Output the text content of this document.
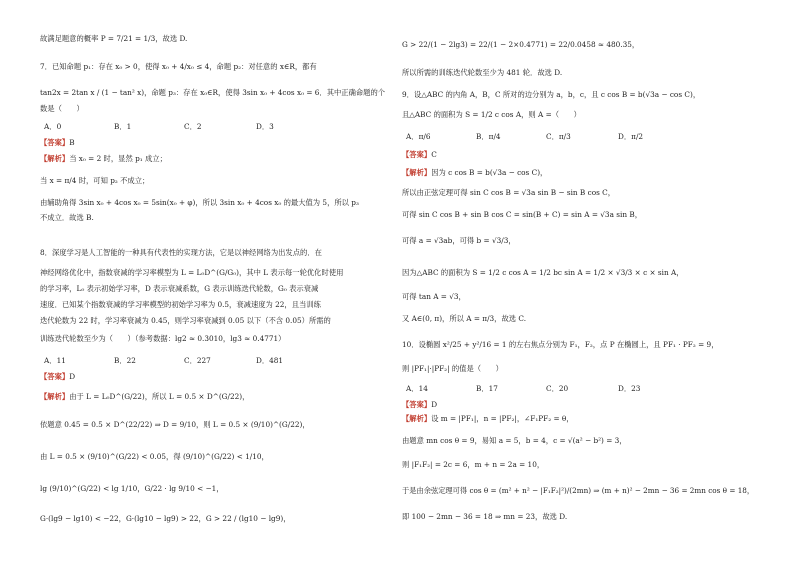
故满足题意的概率 P = 7/21 = 1/3，故选 D.
7．已知命题 p₁：存在 x₀ > 0，使得 x₀ + 4/x₀ ≤ 4，命题 p₂：对任意的 x∈R，都有
tan2x = 2tan x / (1 − tan² x)，命题 p₃：存在 x₀∈R，使得 3sin x₀ + 4cos x₀ = 6．其中正确命题的个
数是（　　）
A．0	B．1	C．2	D．3
【答案】B
【解析】当 x₀ = 2 时，显然 p₁ 成立；
当 x = π/4 时，可知 p₂ 不成立；
由辅助角得 3sin x₀ + 4cos x₀ = 5sin(x₀ + φ)，所以 3sin x₀ + 4cos x₀ 的最大值为 5，所以 p₃
不成立．故选 B.
8．深度学习是人工智能的一种具有代表性的实现方法，它是以神经网络为出发点的．在
神经网络优化中，指数衰减的学习率模型为 L = L₀D^(G/G₀)，其中 L 表示每一轮优化时使用
的学习率，L₀ 表示初始学习率，D 表示衰减系数，G 表示训练迭代轮数，G₀ 表示衰减
速度．已知某个指数衰减的学习率模型的初始学习率为 0.5，衰减速度为 22，且当训练
迭代轮数为 22 时，学习率衰减为 0.45，则学习率衰减到 0.05 以下（不含 0.05）所需的
训练迭代轮数至少为（　　）（参考数据：lg2 ≈ 0.3010，lg3 ≈ 0.4771）
A．11	B．22	C．227	D．481
【答案】D
【解析】由于 L = L₀D^(G/22)，所以 L = 0.5 × D^(G/22)，
依题意 0.45 = 0.5 × D^(22/22) ⇒ D = 9/10，则 L = 0.5 × (9/10)^(G/22)，
由 L = 0.5 × (9/10)^(G/22) < 0.05，得 (9/10)^(G/22) < 1/10，
lg (9/10)^(G/22) < lg 1/10，G/22 · lg 9/10 < −1，
G·(lg9 − lg10) < −22，G·(lg10 − lg9) > 22，G > 22 / (lg10 − lg9)，
G > 22/(1 − 2lg3) = 22/(1 − 2×0.4771) = 22/0.0458 ≈ 480.35，
所以所需的训练迭代轮数至少为 481 轮．故选 D.
9．设△ABC 的内角 A，B，C 所对的边分别为 a，b，c，且 c cos B = b(√3a − cos C)，
且△ABC 的面积为 S = 1/2 c cos A，则 A =（　　）
A．π/6	B．π/4	C．π/3	D．π/2
【答案】C
【解析】因为 c cos B = b(√3a − cos C)，
所以由正弦定理可得 sin C cos B = √3a sin B − sin B cos C，
可得 sin C cos B + sin B cos C = sin(B + C) = sin A = √3a sin B，
可得 a = √3ab，可得 b = √3/3，
因为△ABC 的面积为 S = 1/2 c cos A = 1/2 bc sin A = 1/2 × √3/3 × c × sin A，
可得 tan A = √3，
又 A∈(0, π)，所以 A = π/3，故选 C.
10．设椭圆 x²/25 + y²/16 = 1 的左右焦点分别为 F₁，F₂，点 P 在椭圆上，且 PF₁ · PF₂ = 9，
则 |PF₁|·|PF₂| 的值是（　　）
A．14	B．17	C．20	D．23
【答案】D
【解析】设 m = |PF₁|，n = |PF₂|，∠F₁PF₂ = θ，
由题意 mn cos θ = 9，易知 a = 5，b = 4，c = √(a² − b²) = 3，
则 |F₁F₂| = 2c = 6，m + n = 2a = 10，
于是由余弦定理可得 cos θ = (m² + n² − |F₁F₂|²)/(2mn) ⇒ (m + n)² − 2mn − 36 = 2mn cos θ = 18，
即 100 − 2mn − 36 = 18 ⇒ mn = 23，故选 D.
